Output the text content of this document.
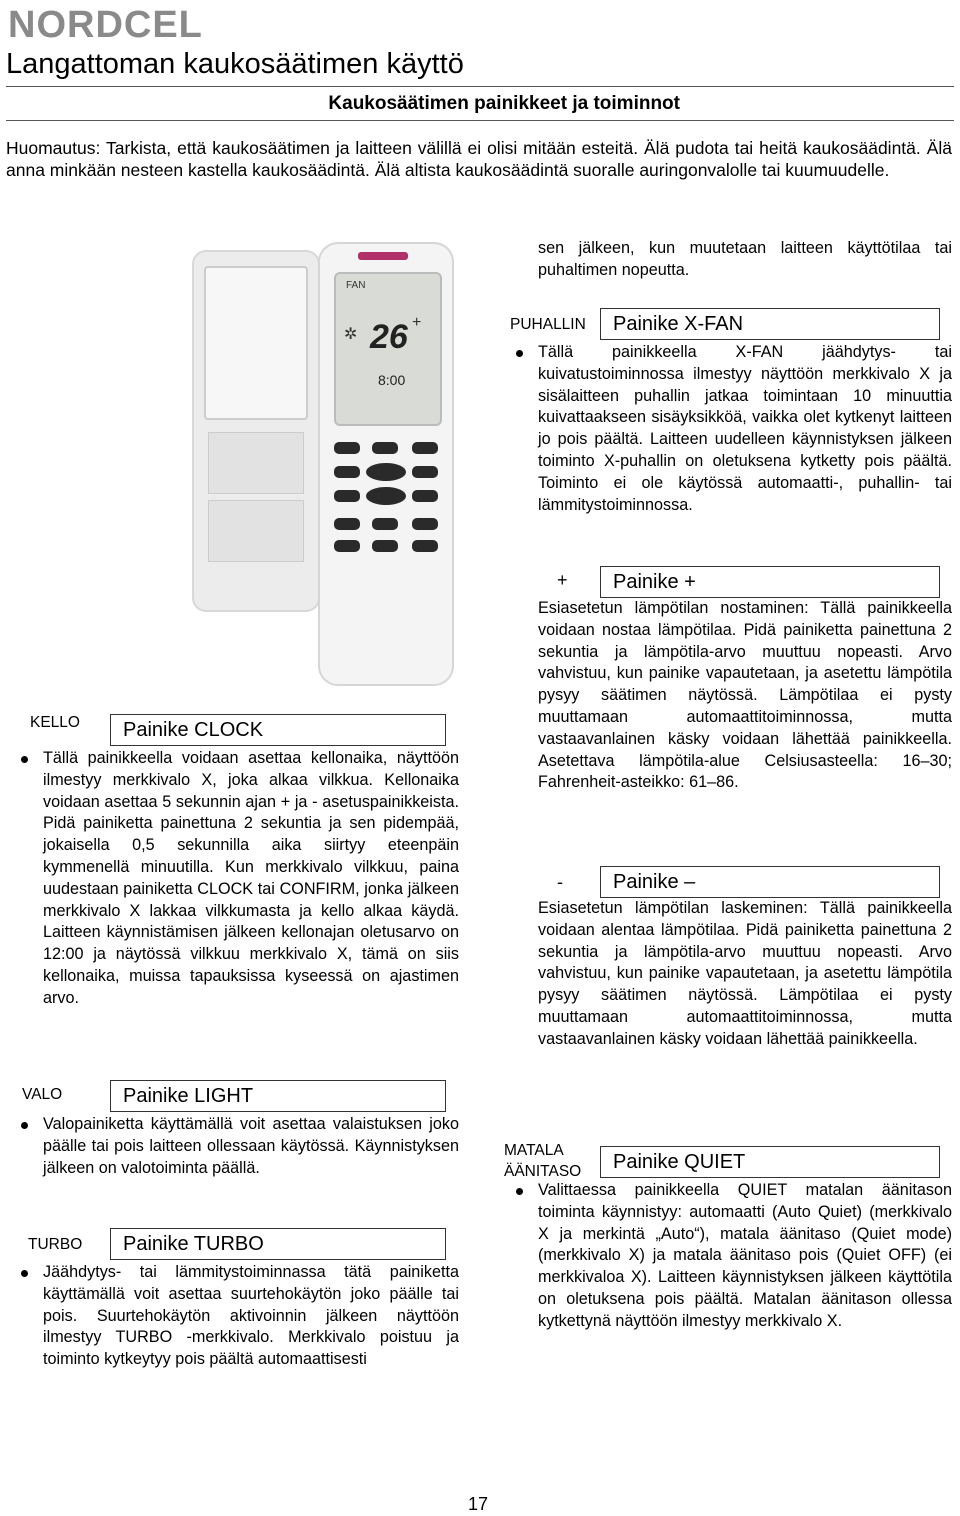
NORDCEL
Langattoman kaukosäätimen käyttö
Kaukosäätimen painikkeet ja toiminnot
Huomautus: Tarkista, että kaukosäätimen ja laitteen välillä ei olisi mitään esteitä. Älä pudota tai heitä kaukosäädintä. Älä anna minkään nesteen kastella kaukosäädintä. Älä altista kaukosäädintä suoralle auringonvalolle tai kuumuudelle.
FAN
26
8:00
✲
+
sen jälkeen, kun muutetaan laitteen käyttötilaa tai puhaltimen nopeutta.
PUHALLIN	Painike X-FAN
Tällä painikkeella X-FAN jäähdytys- tai kuivatustoiminnossa ilmestyy näyttöön merkkivalo X ja sisälaitteen puhallin jatkaa toimintaan 10 minuuttia kuivattaakseen sisäyksikköä, vaikka olet kytkenyt laitteen jo pois päältä. Laitteen uudelleen käynnistyksen jälkeen toiminto X-puhallin on oletuksena kytketty pois päältä. Toiminto ei ole käytössä automaatti-, puhallin- tai lämmitystoiminnossa.
+	Painike +
Esiasetetun lämpötilan nostaminen: Tällä painikkeella voidaan nostaa lämpötilaa. Pidä painiketta painettuna 2 sekuntia ja lämpötila-arvo muuttuu nopeasti. Arvo vahvistuu, kun painike vapautetaan, ja asetettu lämpötila pysyy säätimen näytössä. Lämpötilaa ei pysty muuttamaan automaattitoiminnossa, mutta vastaavanlainen käsky voidaan lähettää painikkeella. Asetettava lämpötila-alue Celsiusasteella: 16–30; Fahrenheit-asteikko: 61–86.
-	Painike –
Esiasetetun lämpötilan laskeminen: Tällä painikkeella voidaan alentaa lämpötilaa. Pidä painiketta painettuna 2 sekuntia ja lämpötila-arvo muuttuu nopeasti. Arvo vahvistuu, kun painike vapautetaan, ja asetettu lämpötila pysyy säätimen näytössä. Lämpötilaa ei pysty muuttamaan automaattitoiminnossa, mutta vastaavanlainen käsky voidaan lähettää painikkeella.
MATALA
ÄÄNITASO	Painike QUIET
Valittaessa painikkeella QUIET matalan äänitason toiminta käynnistyy: automaatti (Auto Quiet) (merkkivalo X ja merkintä „Auto“), matala äänitaso (Quiet mode) (merkkivalo X) ja matala äänitaso pois (Quiet OFF) (ei merkkivaloa X). Laitteen käynnistyksen jälkeen käyttötila on oletuksena pois päältä. Matalan äänitason ollessa kytkettynä näyttöön ilmestyy merkkivalo X.
KELLO	Painike CLOCK
Tällä painikkeella voidaan asettaa kellonaika, näyttöön ilmestyy merkkivalo X, joka alkaa vilkkua. Kellonaika voidaan asettaa 5 sekunnin ajan + ja - asetuspainikkeista. Pidä painiketta painettuna 2 sekuntia ja sen pidempää, jokaisella 0,5 sekunnilla aika siirtyy eteenpäin kymmenellä minuutilla. Kun merkkivalo vilkkuu, paina uudestaan painiketta CLOCK tai CONFIRM, jonka jälkeen merkkivalo X lakkaa vilkkumasta ja kello alkaa käydä. Laitteen käynnistämisen jälkeen kellonajan oletusarvo on 12:00 ja näytössä vilkkuu merkkivalo X, tämä on siis kellonaika, muissa tapauksissa kyseessä on ajastimen arvo.
VALO	Painike LIGHT
Valopainiketta käyttämällä voit asettaa valaistuksen joko päälle tai pois laitteen ollessaan käytössä. Käynnistyksen jälkeen on valotoiminta päällä.
TURBO	Painike TURBO
Jäähdytys- tai lämmitystoiminnassa tätä painiketta käyttämällä voit asettaa suurtehokäytön joko päälle tai pois. Suurtehokäytön aktivoinnin jälkeen näyttöön ilmestyy TURBO -merkkivalo. Merkkivalo poistuu ja toiminto kytkeytyy pois päältä automaattisesti
17
